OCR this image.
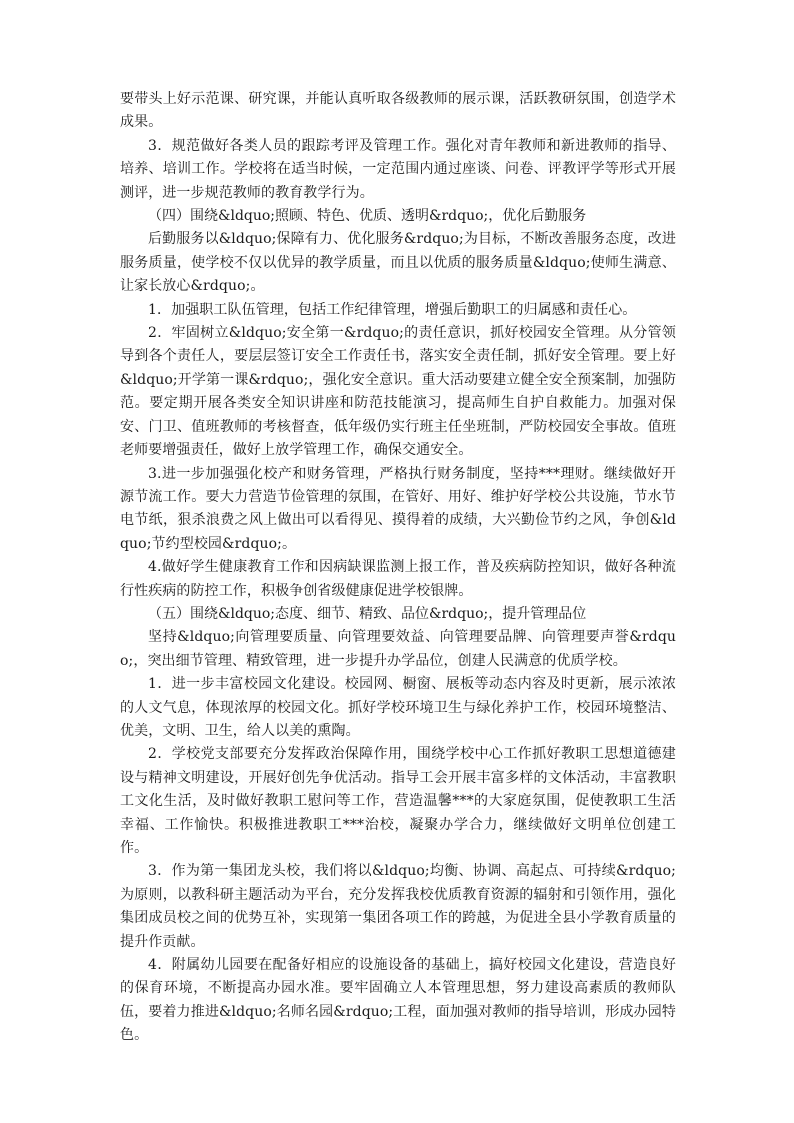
要带头上好示范课、研究课，并能认真听取各级教师的展示课，活跃教研氛围，创造学术成果。

3．规范做好各类人员的跟踪考评及管理工作。强化对青年教师和新进教师的指导、培养、培训工作。学校将在适当时候，一定范围内通过座谈、问卷、评教评学等形式开展测评，进一步规范教师的教育教学行为。

（四）围绕&ldquo;照顾、特色、优质、透明&rdquo;，优化后勤服务

后勤服务以&ldquo;保障有力、优化服务&rdquo;为目标，不断改善服务态度，改进服务质量，使学校不仅以优异的教学质量，而且以优质的服务质量&ldquo;使师生满意、让家长放心&rdquo;。

1．加强职工队伍管理，包括工作纪律管理，增强后勤职工的归属感和责任心。

2．牢固树立&ldquo;安全第一&rdquo;的责任意识，抓好校园安全管理。从分管领导到各个责任人，要层层签订安全工作责任书，落实安全责任制，抓好安全管理。要上好&ldquo;开学第一课&rdquo;，强化安全意识。重大活动要建立健全安全预案制，加强防范。要定期开展各类安全知识讲座和防范技能演习，提高师生自护自救能力。加强对保安、门卫、值班教师的考核督查，低年级仍实行班主任坐班制，严防校园安全事故。值班老师要增强责任，做好上放学管理工作，确保交通安全。

3.进一步加强强化校产和财务管理，严格执行财务制度，坚持***理财。继续做好开源节流工作。要大力营造节俭管理的氛围，在管好、用好、维护好学校公共设施，节水节电节纸，狠杀浪费之风上做出可以看得见、摸得着的成绩，大兴勤俭节约之风，争创&ldquo;节约型校园&rdquo;。

4.做好学生健康教育工作和因病缺课监测上报工作，普及疾病防控知识，做好各种流行性疾病的防控工作，积极争创省级健康促进学校银牌。

（五）围绕&ldquo;态度、细节、精致、品位&rdquo;，提升管理品位

坚持&ldquo;向管理要质量、向管理要效益、向管理要品牌、向管理要声誉&rdquo;，突出细节管理、精致管理，进一步提升办学品位，创建人民满意的优质学校。

1．进一步丰富校园文化建设。校园网、橱窗、展板等动态内容及时更新，展示浓浓的人文气息，体现浓厚的校园文化。抓好学校环境卫生与绿化养护工作，校园环境整洁、优美，文明、卫生，给人以美的熏陶。

2．学校党支部要充分发挥政治保障作用，围绕学校中心工作抓好教职工思想道德建设与精神文明建设，开展好创先争优活动。指导工会开展丰富多样的文体活动，丰富教职工文化生活，及时做好教职工慰问等工作，营造温馨***的大家庭氛围，促使教职工生活幸福、工作愉快。积极推进教职工***治校，凝聚办学合力，继续做好文明单位创建工作。

3．作为第一集团龙头校，我们将以&ldquo;均衡、协调、高起点、可持续&rdquo;为原则，以教科研主题活动为平台，充分发挥我校优质教育资源的辐射和引领作用，强化集团成员校之间的优势互补，实现第一集团各项工作的跨越，为促进全县小学教育质量的提升作贡献。

4．附属幼儿园要在配备好相应的设施设备的基础上，搞好校园文化建设，营造良好的保育环境，不断提高办园水准。要牢固确立人本管理思想，努力建设高素质的教师队伍，要着力推进&ldquo;名师名园&rdquo;工程，面加强对教师的指导培训，形成办园特色。
